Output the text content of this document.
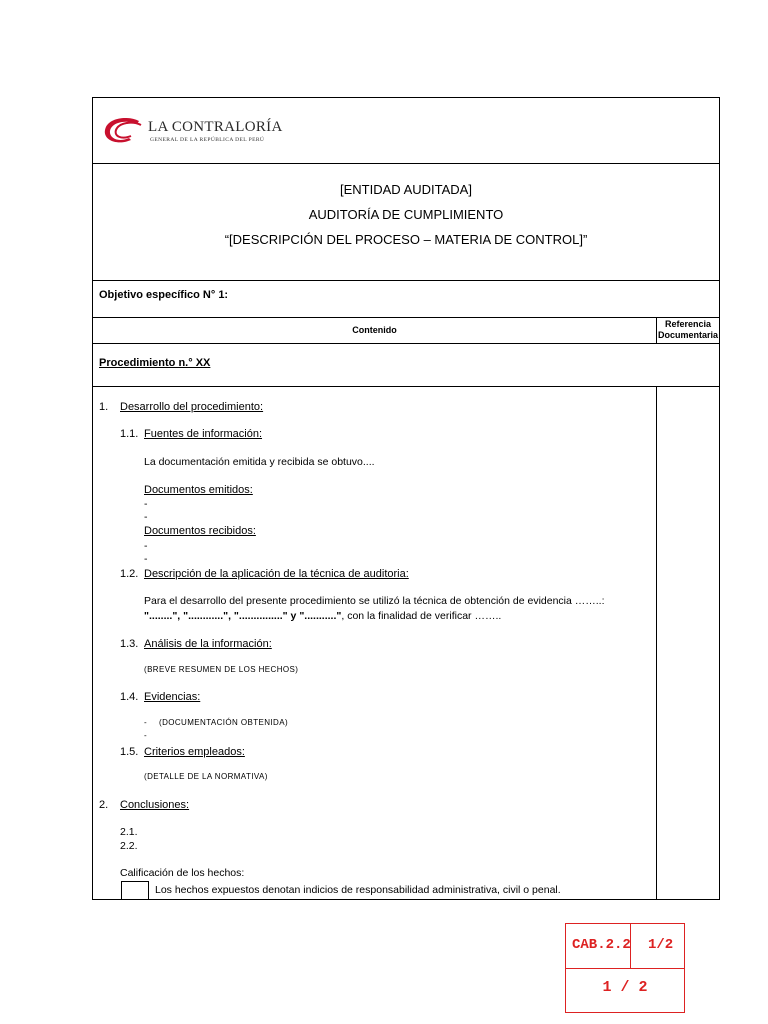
LA CONTRALORÍA
GENERAL DE LA REPÚBLICA DEL PERÚ
[ENTIDAD AUDITADA]
AUDITORÍA DE CUMPLIMIENTO
“[DESCRIPCIÓN DEL PROCESO – MATERIA DE CONTROL]”
Objetivo específico N° 1:
Contenido
Referencia
Documentaria
Procedimiento n.° XX
1. Desarrollo del procedimiento:
1.1. Fuentes de información:
La documentación emitida y recibida se obtuvo....
Documentos emitidos:
-
-
Documentos recibidos:
-
-
1.2. Descripción de la aplicación de la técnica de auditoria:
Para el desarrollo del presente procedimiento se utilizó la técnica de obtención de evidencia ……..:
"........", "............", "..............." y "...........", con la finalidad de verificar ……..
1.3. Análisis de la información:
(BREVE RESUMEN DE LOS HECHOS)
1.4. Evidencias:
- (DOCUMENTACIÓN OBTENIDA)
-
1.5. Criterios empleados:
(DETALLE DE LA NORMATIVA)
2. Conclusiones:
2.1.
2.2.
Calificación de los hechos:
Los hechos expuestos denotan indicios de responsabilidad administrativa, civil o penal.
CAB.2.2 1/2
1 / 2
